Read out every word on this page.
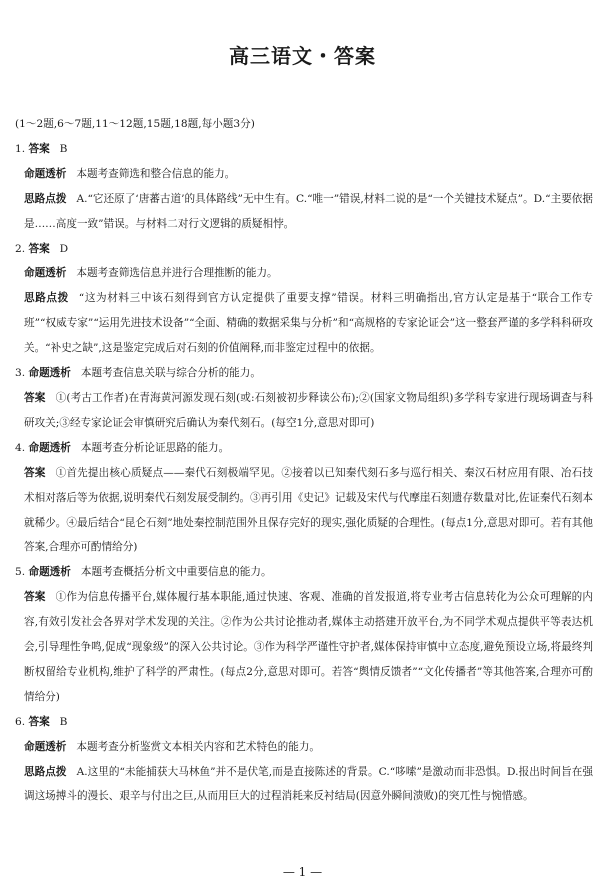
高三语文・答案
(1～2题,6～7题,11～12题,15题,18题,每小题3分)
1. 答案 B
命题透析 本题考查筛选和整合信息的能力。
思路点拨 A.“它还原了‘唐蕃古道’的具体路线”无中生有。C.“唯一”错误,材料二说的是“一个关键技术疑点”。D.“主要依据是……高度一致”错误。与材料二对行文逻辑的质疑相悖。
2. 答案 D
命题透析 本题考查筛选信息并进行合理推断的能力。
思路点拨 “这为材料三中该石刻得到官方认定提供了重要支撑”错误。材料三明确指出,官方认定是基于“联合工作专班”“权威专家”“运用先进技术设备”“全面、精确的数据采集与分析”和“高规格的专家论证会”这一整套严谨的多学科科研攻关。“补史之缺”,这是鉴定完成后对石刻的价值阐释,而非鉴定过程中的依据。
3. 命题透析 本题考查信息关联与综合分析的能力。
答案 ①(考古工作者)在青海黄河源发现石刻(或:石刻被初步释读公布);②(国家文物局组织)多学科专家进行现场调查与科研攻关;③经专家论证会审慎研究后确认为秦代刻石。(每空1分,意思对即可)
4. 命题透析 本题考查分析论证思路的能力。
答案 ①首先提出核心质疑点——秦代石刻极端罕见。②接着以已知秦代刻石多与巡行相关、秦汉石材应用有限、冶石技术相对落后等为依据,说明秦代石刻发展受制约。③再引用《史记》记载及宋代与代摩崖石刻遗存数量对比,佐证秦代石刻本就稀少。④最后结合“昆仑石刻”地处秦控制范围外且保存完好的现实,强化质疑的合理性。(每点1分,意思对即可。若有其他答案,合理亦可酌情给分)
5. 命题透析 本题考查概括分析文中重要信息的能力。
答案 ①作为信息传播平台,媒体履行基本职能,通过快速、客观、准确的首发报道,将专业考古信息转化为公众可理解的内容,有效引发社会各界对学术发现的关注。②作为公共讨论推动者,媒体主动搭建开放平台,为不同学术观点提供平等表达机会,引导理性争鸣,促成“现象级”的深入公共讨论。③作为科学严谨性守护者,媒体保持审慎中立态度,避免预设立场,将最终判断权留给专业机构,维护了科学的严肃性。(每点2分,意思对即可。若答“舆情反馈者”“文化传播者”等其他答案,合理亦可酌情给分)
6. 答案 B
命题透析 本题考查分析鉴赏文本相关内容和艺术特色的能力。
思路点拨 A.这里的“未能捕获大马林鱼”并不是伏笔,而是直接陈述的背景。C.“哆嗦”是激动而非恐惧。D.报出时间旨在强调这场搏斗的漫长、艰辛与付出之巨,从而用巨大的过程消耗来反衬结局(因意外瞬间溃败)的突兀性与惋惜感。
— 1 —
